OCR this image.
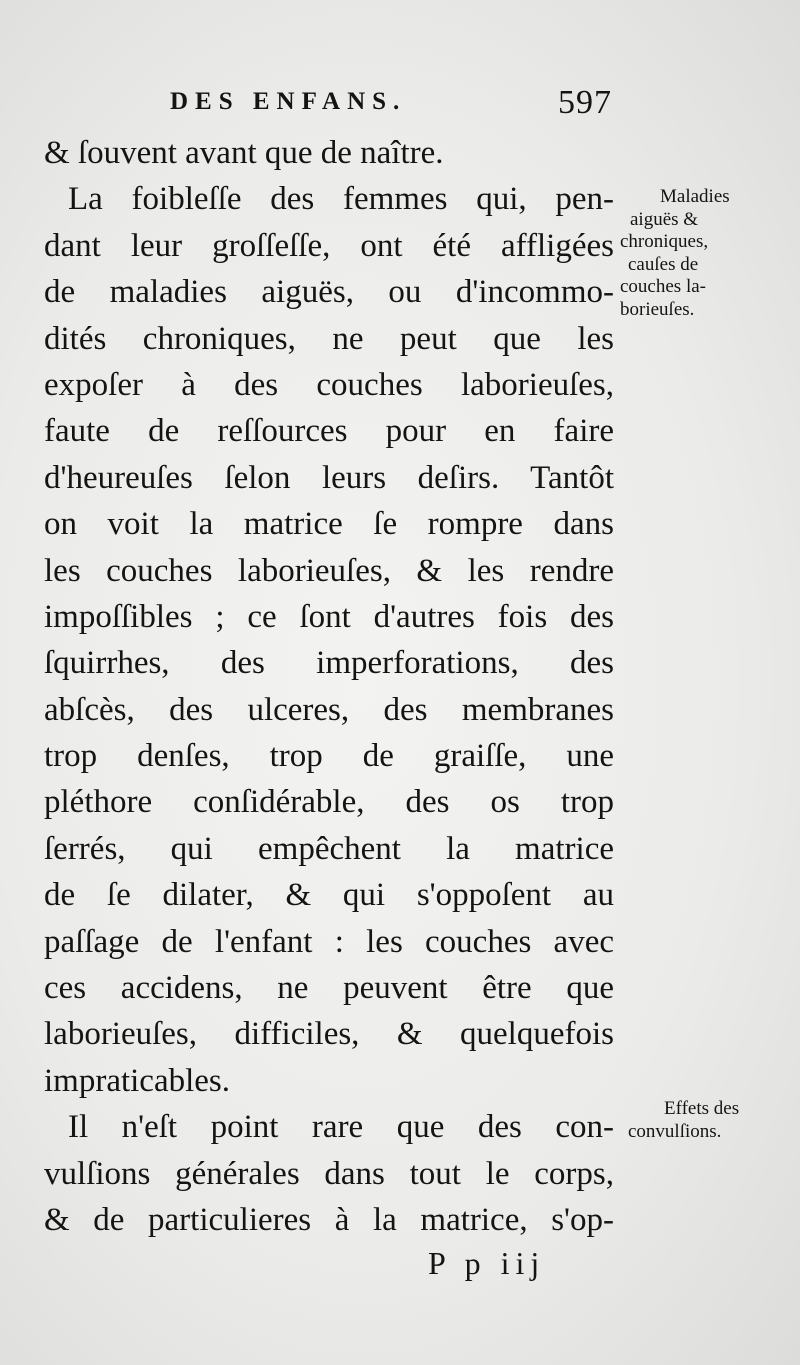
DES ENFANS.	597
& ſouvent avant que de naître.
La foibleſſe des femmes qui, pen-
dant leur groſſeſſe, ont été affligées
de maladies aiguës, ou d'incommo-
dités chroniques, ne peut que les
expoſer à des couches laborieuſes,
faute de reſſources pour en faire
d'heureuſes ſelon leurs deſirs. Tantôt
on voit la matrice ſe rompre dans
les couches laborieuſes, & les rendre
impoſſibles ; ce ſont d'autres fois des
ſquirrhes, des imperforations, des
abſcès, des ulceres, des membranes
trop denſes, trop de graiſſe, une
pléthore conſidérable, des os trop
ſerrés, qui empêchent la matrice
de ſe dilater, & qui s'oppoſent au
paſſage de l'enfant : les couches avec
ces accidens, ne peuvent être que
laborieuſes, difficiles, & quelquefois
impraticables.
Il n'eſt point rare que des con-
vulſions générales dans tout le corps,
& de particulieres à la matrice, s'op-
Maladies
aiguës &
chroniques,
cauſes de
couches la-
borieuſes.
Effets des
convulſions.
P p iij
